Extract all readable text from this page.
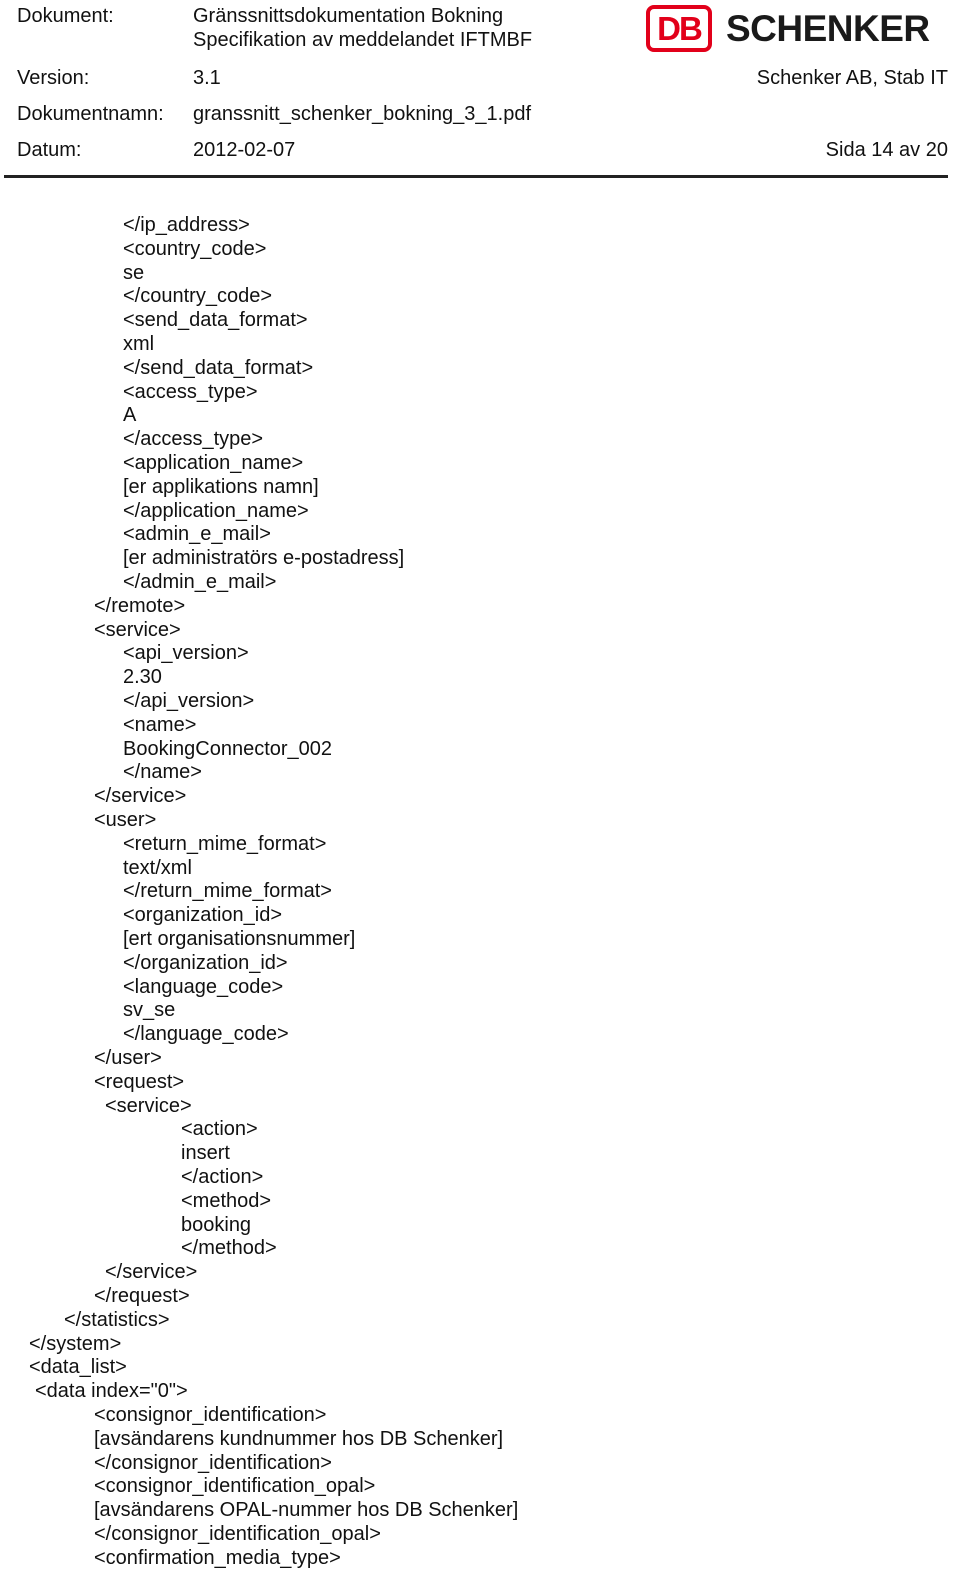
Dokument:	Gränssnittsdokumentation Bokning
Specifikation av meddelandet IFTMBF
Version:	3.1	Schenker AB, Stab IT
Dokumentnamn: granssnitt_schenker_bokning_3_1.pdf
Datum:	2012-02-07	Sida 14 av 20
DB SCHENKER
</ip_address>
<country_code>
se
</country_code>
<send_data_format>
xml
</send_data_format>
<access_type>
A
</access_type>
<application_name>
[er applikations namn]
</application_name>
<admin_e_mail>
[er administratörs e-postadress]
</admin_e_mail>
</remote>
<service>
<api_version>
2.30
</api_version>
<name>
BookingConnector_002
</name>
</service>
<user>
<return_mime_format>
text/xml
</return_mime_format>
<organization_id>
[ert organisationsnummer]
</organization_id>
<language_code>
sv_se
</language_code>
</user>
<request>
<service>
<action>
insert
</action>
<method>
booking
</method>
</service>
</request>
</statistics>
</system>
<data_list>
<data index="0">
<consignor_identification>
[avsändarens kundnummer hos DB Schenker]
</consignor_identification>
<consignor_identification_opal>
[avsändarens OPAL-nummer hos DB Schenker]
</consignor_identification_opal>
<confirmation_media_type>
